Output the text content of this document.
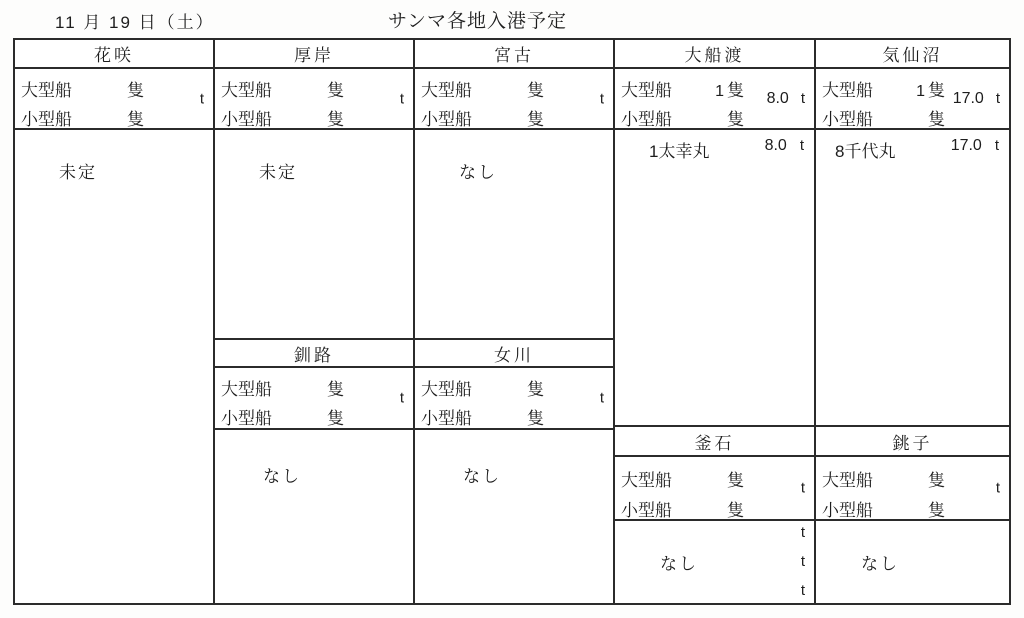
11 月 19 日（土）	サンマ各地入港予定
花咲
大型船	隻
小型船	隻
t
未定
厚岸
大型船	隻
小型船	隻
t
未定
釧路
大型船	隻
小型船	隻
t
なし
宮古
大型船	隻
小型船	隻
t
なし
女川
大型船	隻
小型船	隻
t
なし
大船渡
大型船	1 隻
小型船	隻
8.0 t
1太幸丸	8.0 t
釜石
大型船	隻
小型船	隻
t
なし
t
t
t
気仙沼
大型船	1 隻
小型船	隻
17.0 t
8千代丸	17.0 t
銚子
大型船	隻
小型船	隻
t
なし
